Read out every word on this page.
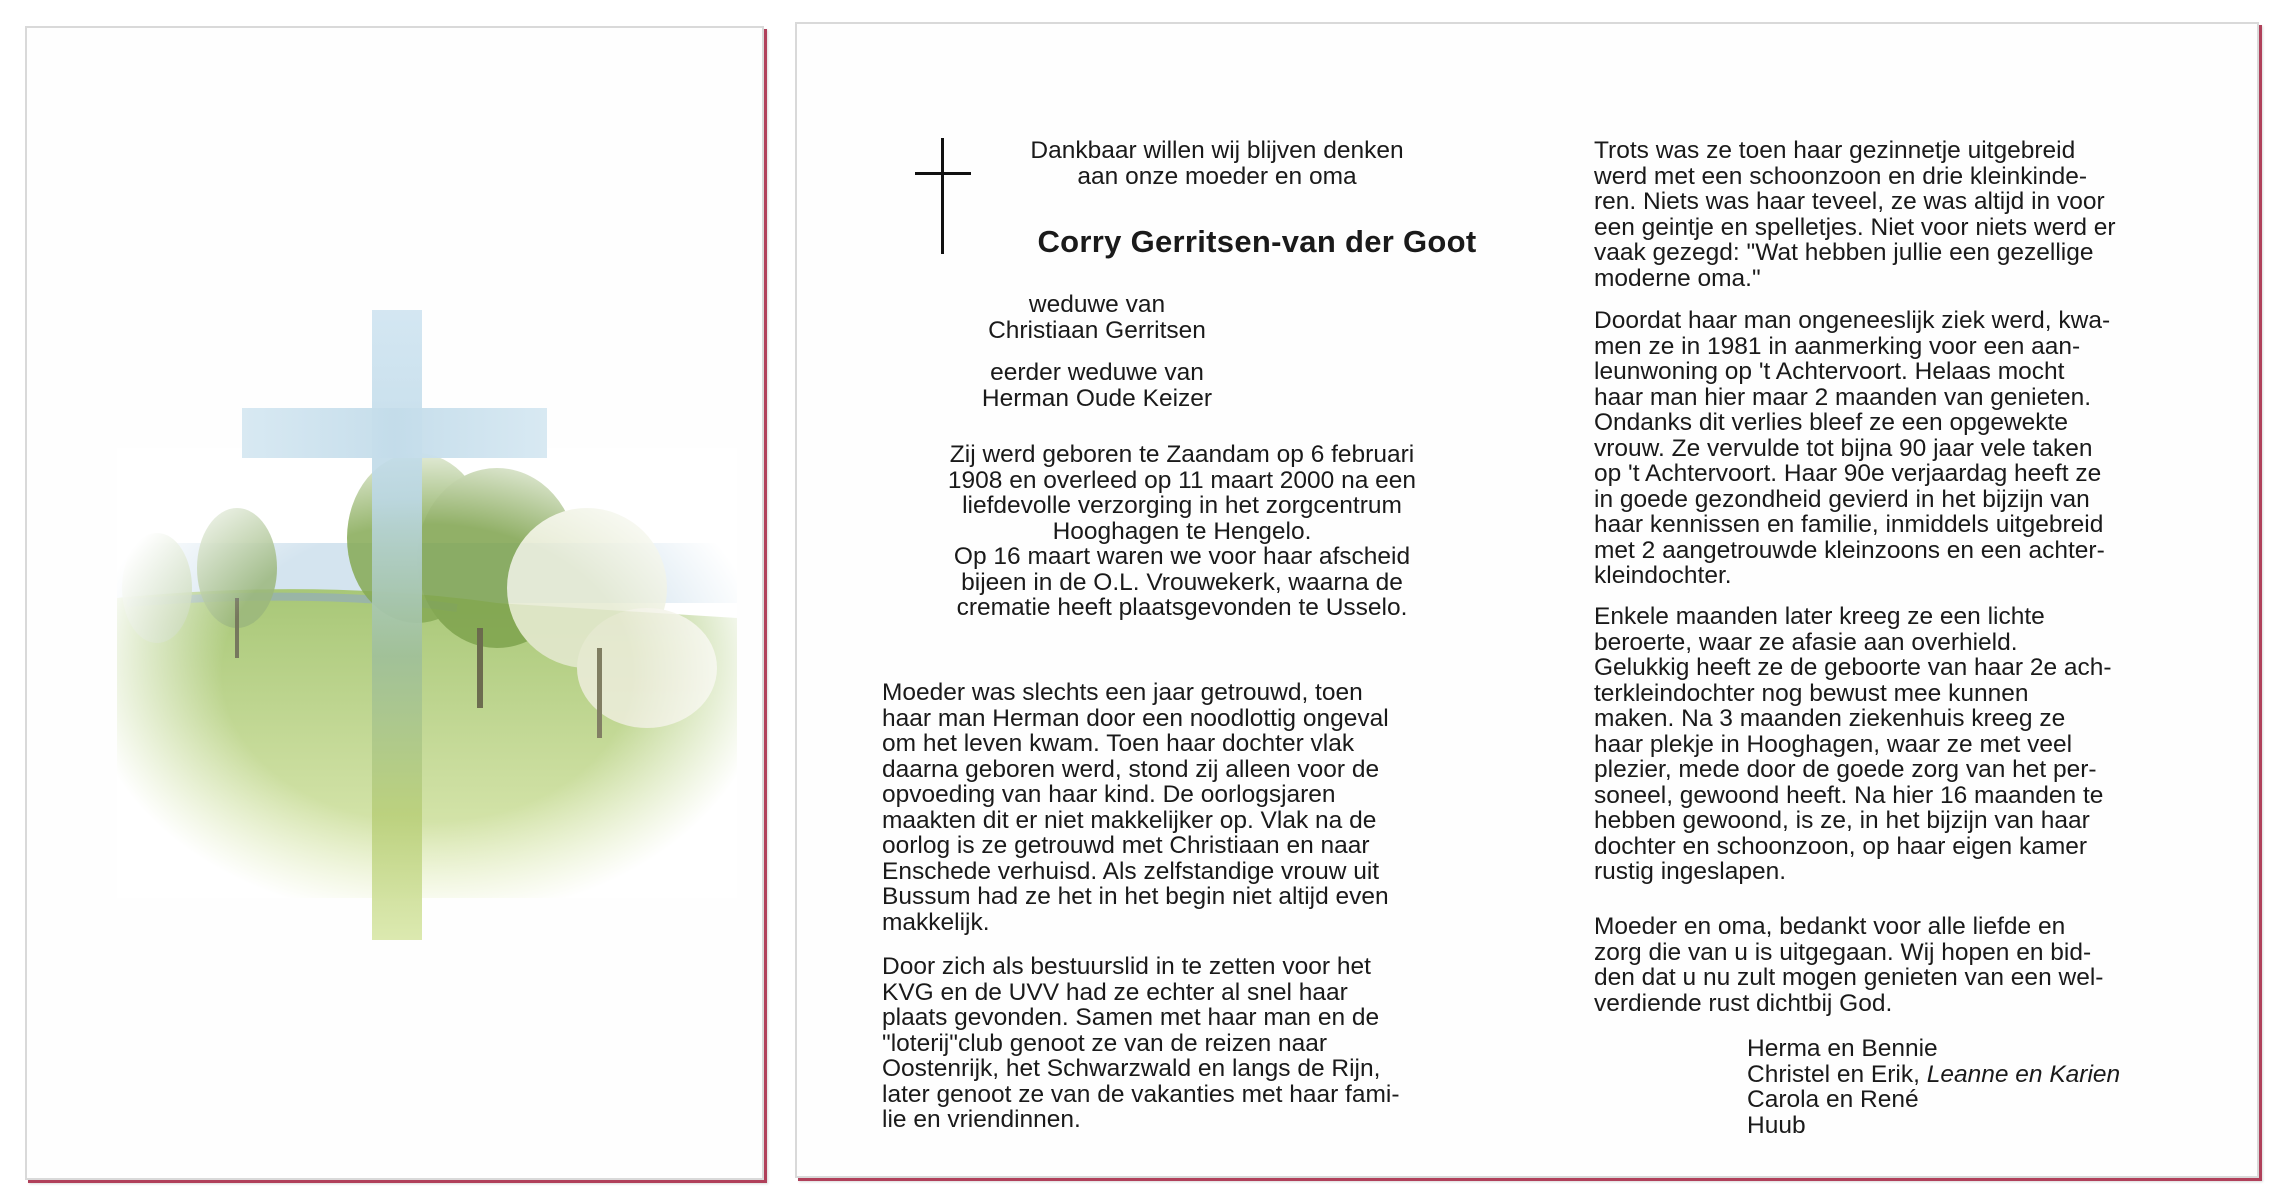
Dankbaar willen wij blijven denken
aan onze moeder en oma
Corry Gerritsen-van der Goot
weduwe van
Christiaan Gerritsen
eerder weduwe van
Herman Oude Keizer
Zij werd geboren te Zaandam op 6 februari
1908 en overleed op 11 maart 2000 na een
liefdevolle verzorging in het zorgcentrum
Hooghagen te Hengelo.
Op 16 maart waren we voor haar afscheid
bijeen in de O.L. Vrouwekerk, waarna de
crematie heeft plaatsgevonden te Usselo.
Moeder was slechts een jaar getrouwd, toen
haar man Herman door een noodlottig ongeval
om het leven kwam. Toen haar dochter vlak
daarna geboren werd, stond zij alleen voor de
opvoeding van haar kind. De oorlogsjaren
maakten dit er niet makkelijker op. Vlak na de
oorlog is ze getrouwd met Christiaan en naar
Enschede verhuisd. Als zelfstandige vrouw uit
Bussum had ze het in het begin niet altijd even
makkelijk.
Door zich als bestuurslid in te zetten voor het
KVG en de UVV had ze echter al snel haar
plaats gevonden. Samen met haar man en de
"loterij"club genoot ze van de reizen naar
Oostenrijk, het Schwarzwald en langs de Rijn,
later genoot ze van de vakanties met haar fami-
lie en vriendinnen.
Trots was ze toen haar gezinnetje uitgebreid
werd met een schoonzoon en drie kleinkinde-
ren. Niets was haar teveel, ze was altijd in voor
een geintje en spelletjes. Niet voor niets werd er
vaak gezegd: "Wat hebben jullie een gezellige
moderne oma."
Doordat haar man ongeneeslijk ziek werd, kwa-
men ze in 1981 in aanmerking voor een aan-
leunwoning op 't Achtervoort. Helaas mocht
haar man hier maar 2 maanden van genieten.
Ondanks dit verlies bleef ze een opgewekte
vrouw. Ze vervulde tot bijna 90 jaar vele taken
op 't Achtervoort. Haar 90e verjaardag heeft ze
in goede gezondheid gevierd in het bijzijn van
haar kennissen en familie, inmiddels uitgebreid
met 2 aangetrouwde kleinzoons en een achter-
kleindochter.
Enkele maanden later kreeg ze een lichte
beroerte, waar ze afasie aan overhield.
Gelukkig heeft ze de geboorte van haar 2e ach-
terkleindochter nog bewust mee kunnen
maken. Na 3 maanden ziekenhuis kreeg ze
haar plekje in Hooghagen, waar ze met veel
plezier, mede door de goede zorg van het per-
soneel, gewoond heeft. Na hier 16 maanden te
hebben gewoond, is ze, in het bijzijn van haar
dochter en schoonzoon, op haar eigen kamer
rustig ingeslapen.
Moeder en oma, bedankt voor alle liefde en
zorg die van u is uitgegaan. Wij hopen en bid-
den dat u nu zult mogen genieten van een wel-
verdiende rust dichtbij God.
Herma en Bennie
Christel en Erik, Leanne en Karien
Carola en René
Huub
